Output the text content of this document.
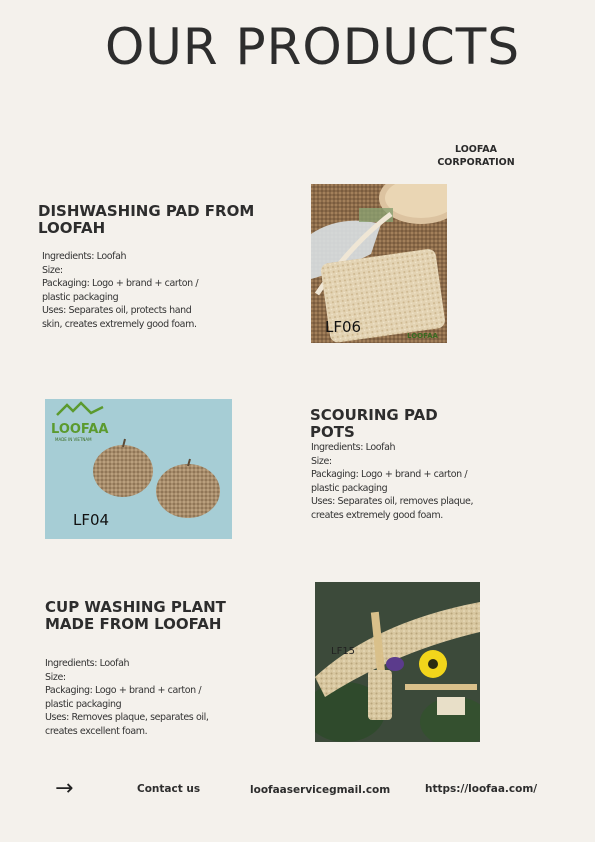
OUR PRODUCTS
LOOFAA
CORPORATION
DISHWASHING PAD FROM LOOFAH
Ingredients: Loofah
Size:
Packaging: Logo + brand + carton /
plastic packaging
Uses: Separates oil, protects hand
skin, creates extremely good foam.	LF06	LOOFAA
LOOFAA
MADE IN VIETNAM
LF04
SCOURING PAD POTS
Ingredients: Loofah
Size:
Packaging: Logo + brand + carton /
plastic packaging
Uses: Separates oil, removes plaque,
creates extremely good foam.
CUP WASHING PLANT MADE FROM LOOFAH
Ingredients: Loofah
Size:
Packaging: Logo + brand + carton /
plastic packaging
Uses: Removes plaque, separates oil,
creates excellent foam.
LF15
→	Contact us	loofaaservicegmail.com	https://loofaa.com/
